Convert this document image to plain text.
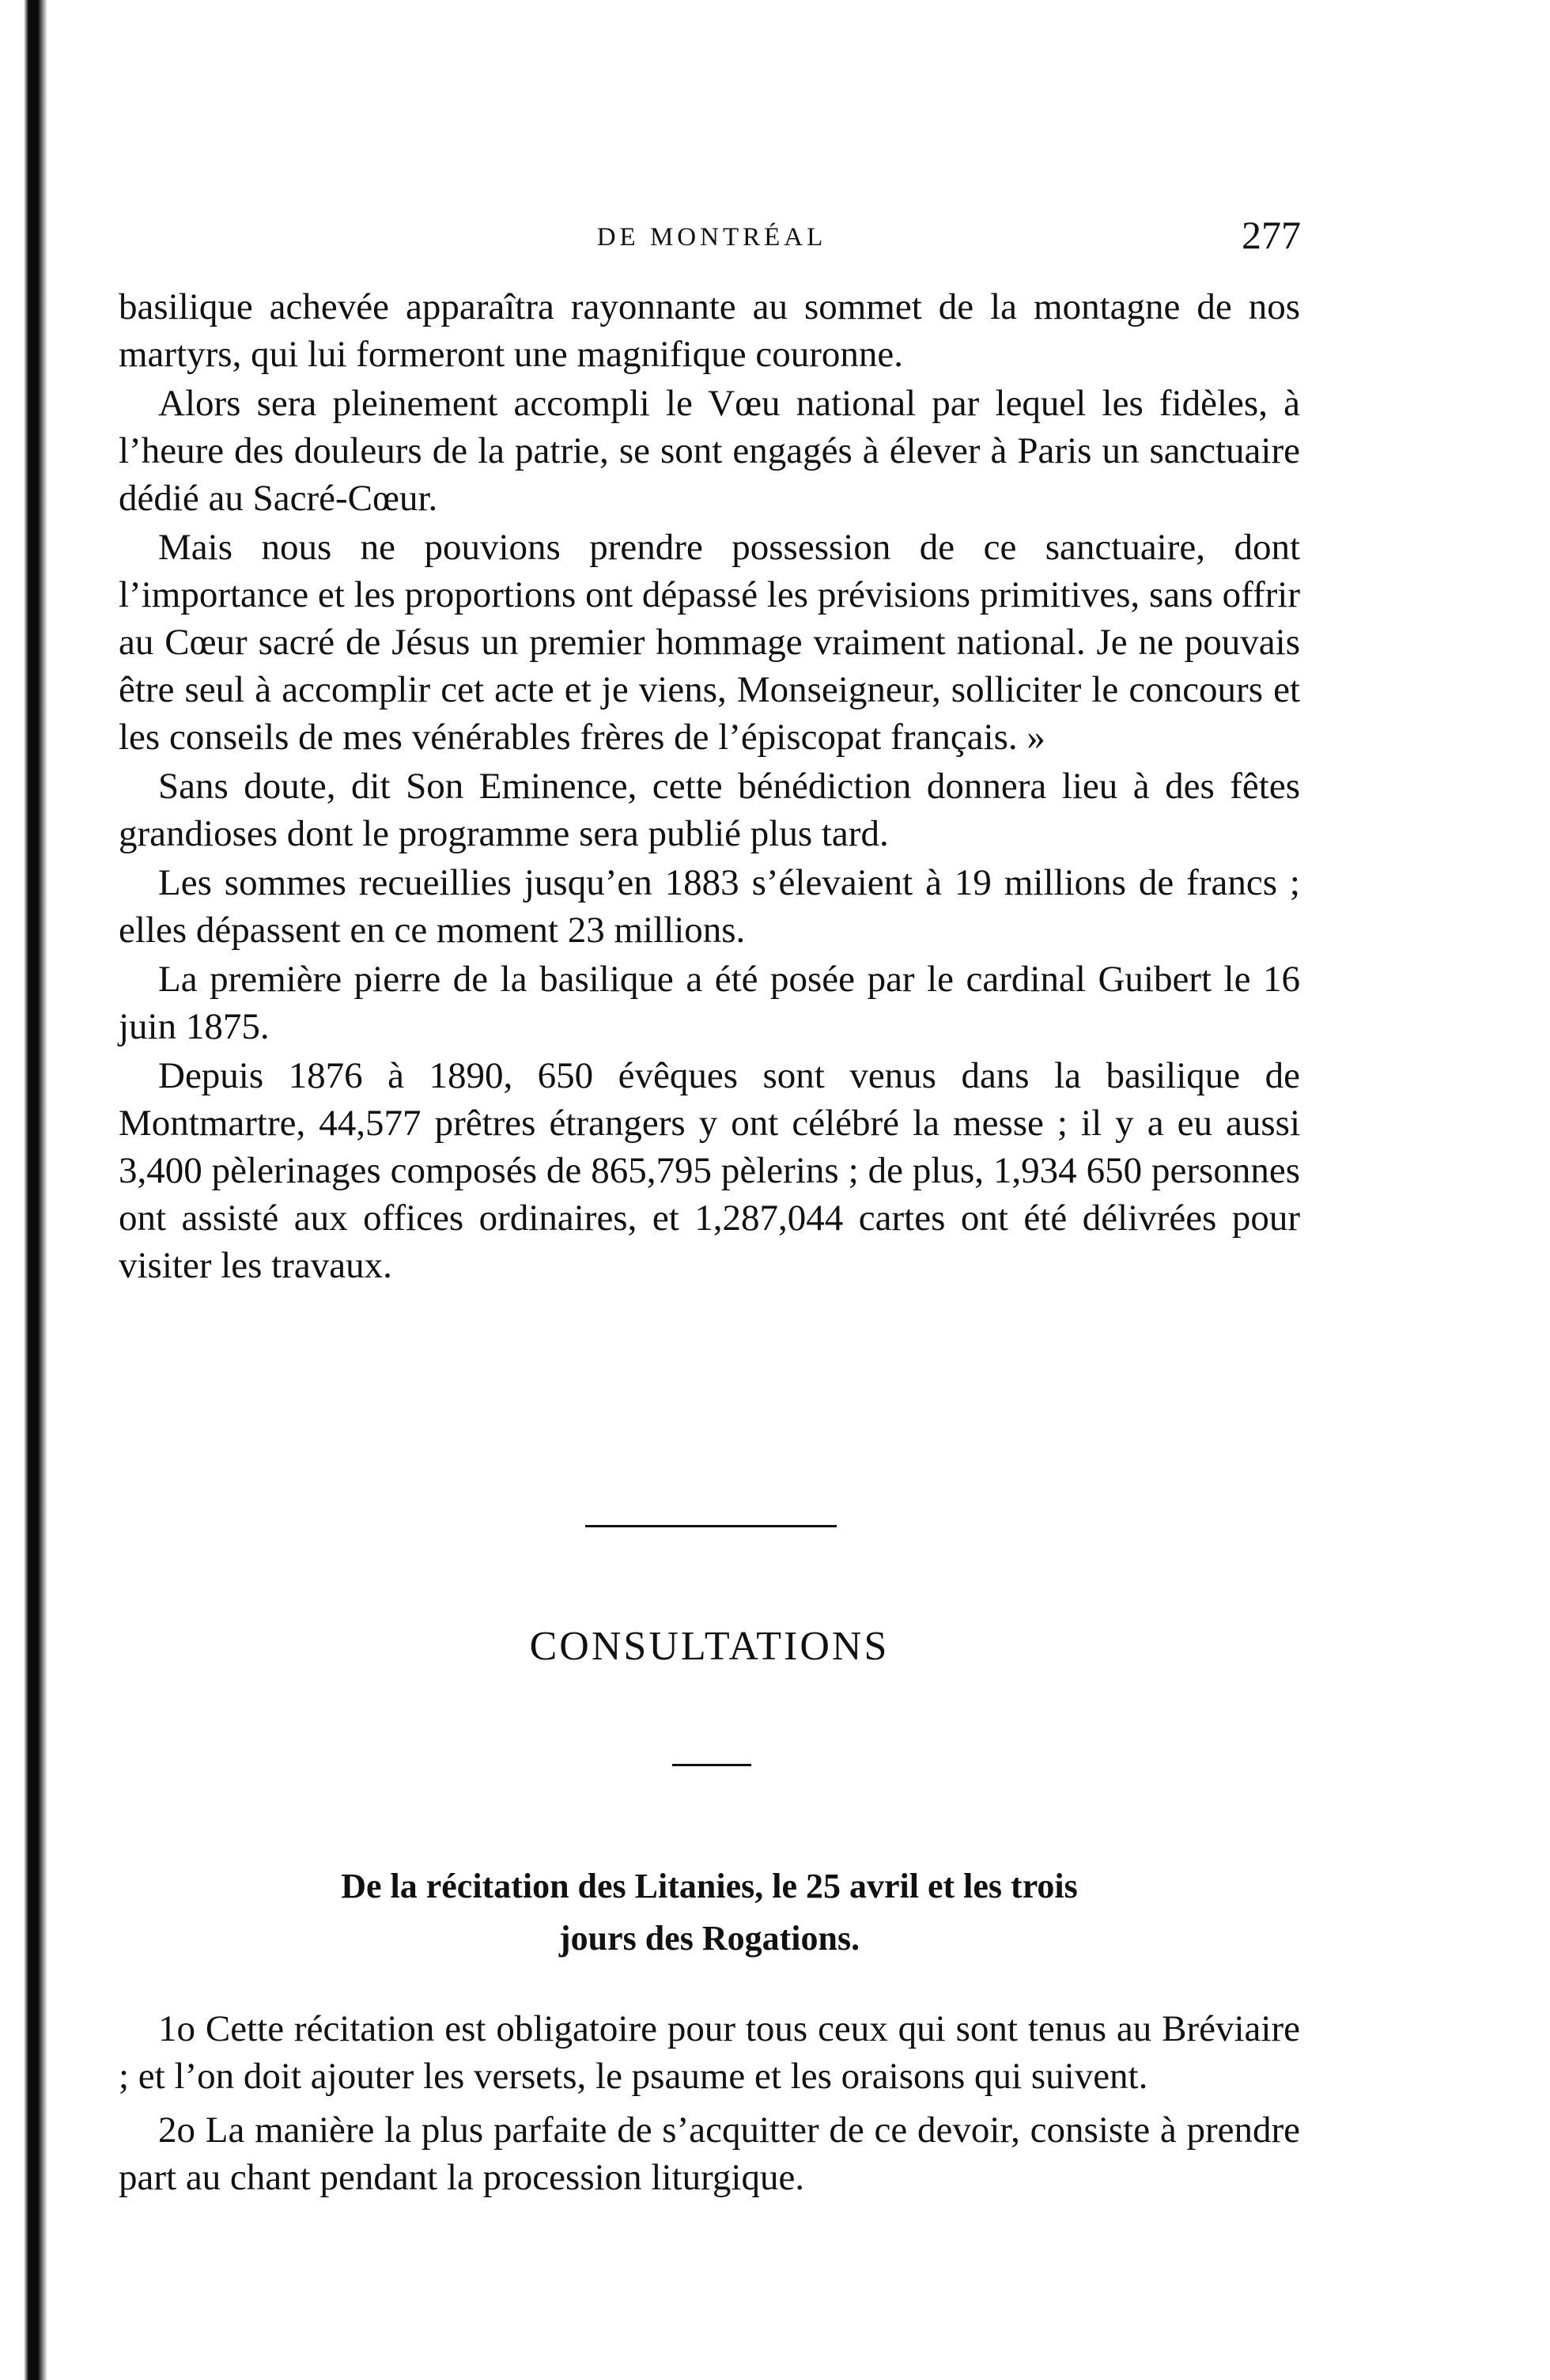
DE MONTRÉAL	277

basilique achevée apparaîtra rayonnante au sommet de la montagne de nos martyrs, qui lui formeront une magnifique couronne.

Alors sera pleinement accompli le Vœu national par lequel les fidèles, à l’heure des douleurs de la patrie, se sont engagés à élever à Paris un sanctuaire dédié au Sacré-Cœur.

Mais nous ne pouvions prendre possession de ce sanctuaire, dont l’importance et les proportions ont dépassé les prévisions primitives, sans offrir au Cœur sacré de Jésus un premier hommage vraiment national. Je ne pouvais être seul à accomplir cet acte et je viens, Monseigneur, solliciter le concours et les conseils de mes vénérables frères de l’épiscopat français. »

Sans doute, dit Son Eminence, cette bénédiction donnera lieu à des fêtes grandioses dont le programme sera publié plus tard.

Les sommes recueillies jusqu’en 1883 s’élevaient à 19 millions de francs ; elles dépassent en ce moment 23 millions.

La première pierre de la basilique a été posée par le cardinal Guibert le 16 juin 1875.

Depuis 1876 à 1890, 650 évêques sont venus dans la basilique de Montmartre, 44,577 prêtres étrangers y ont célébré la messe ; il y a eu aussi 3,400 pèlerinages composés de 865,795 pèlerins ; de plus, 1,934 650 personnes ont assisté aux offices ordinaires, et 1,287,044 cartes ont été délivrées pour visiter les travaux.

CONSULTATIONS
De la récitation des Litanies, le 25 avril et les trois
jours des Rogations.

1o Cette récitation est obligatoire pour tous ceux qui sont tenus au Bréviaire ; et l’on doit ajouter les versets, le psaume et les oraisons qui suivent.

2o La manière la plus parfaite de s’acquitter de ce devoir, consiste à prendre part au chant pendant la procession liturgique.
